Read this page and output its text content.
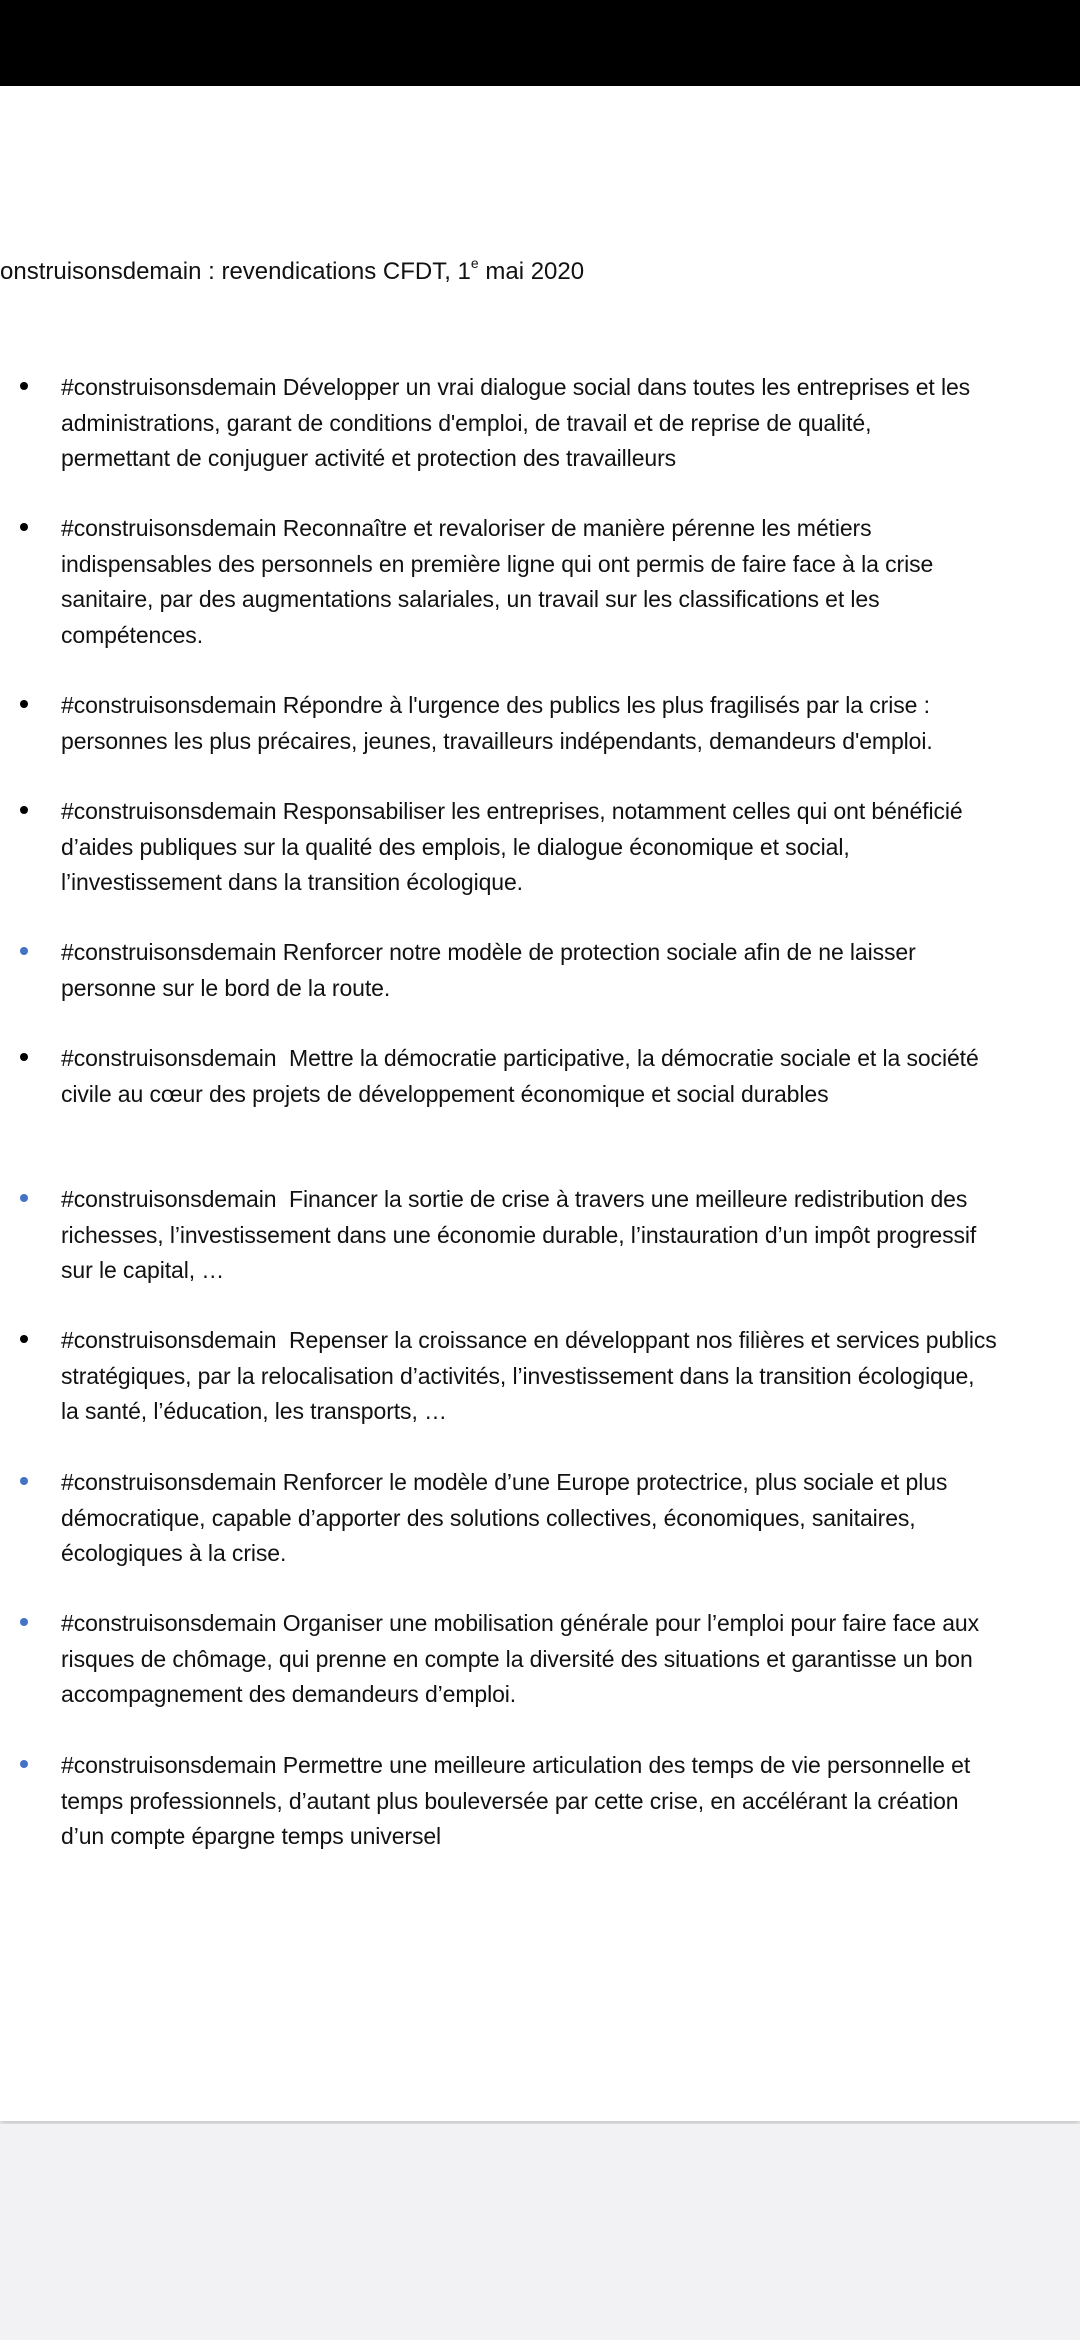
onstruisonsdemain : revendications CFDT, 1e mai 2020
#construisonsdemain Développer un vrai dialogue social dans toutes les entreprises et les
administrations, garant de conditions d'emploi, de travail et de reprise de qualité,
permettant de conjuguer activité et protection des travailleurs
#construisonsdemain Reconnaître et revaloriser de manière pérenne les métiers
indispensables des personnels en première ligne qui ont permis de faire face à la crise
sanitaire, par des augmentations salariales, un travail sur les classifications et les
compétences.
#construisonsdemain Répondre à l'urgence des publics les plus fragilisés par la crise :
personnes les plus précaires, jeunes, travailleurs indépendants, demandeurs d'emploi.
#construisonsdemain Responsabiliser les entreprises, notamment celles qui ont bénéficié
d’aides publiques sur la qualité des emplois, le dialogue économique et social,
l’investissement dans la transition écologique.
#construisonsdemain Renforcer notre modèle de protection sociale afin de ne laisser
personne sur le bord de la route.
#construisonsdemain  Mettre la démocratie participative, la démocratie sociale et la société
civile au cœur des projets de développement économique et social durables
#construisonsdemain  Financer la sortie de crise à travers une meilleure redistribution des
richesses, l’investissement dans une économie durable, l’instauration d’un impôt progressif
sur le capital, …
#construisonsdemain  Repenser la croissance en développant nos filières et services publics
stratégiques, par la relocalisation d’activités, l’investissement dans la transition écologique,
la santé, l’éducation, les transports, …
#construisonsdemain Renforcer le modèle d’une Europe protectrice, plus sociale et plus
démocratique, capable d’apporter des solutions collectives, économiques, sanitaires,
écologiques à la crise.
#construisonsdemain Organiser une mobilisation générale pour l’emploi pour faire face aux
risques de chômage, qui prenne en compte la diversité des situations et garantisse un bon
accompagnement des demandeurs d’emploi.
#construisonsdemain Permettre une meilleure articulation des temps de vie personnelle et
temps professionnels, d’autant plus bouleversée par cette crise, en accélérant la création
d’un compte épargne temps universel
